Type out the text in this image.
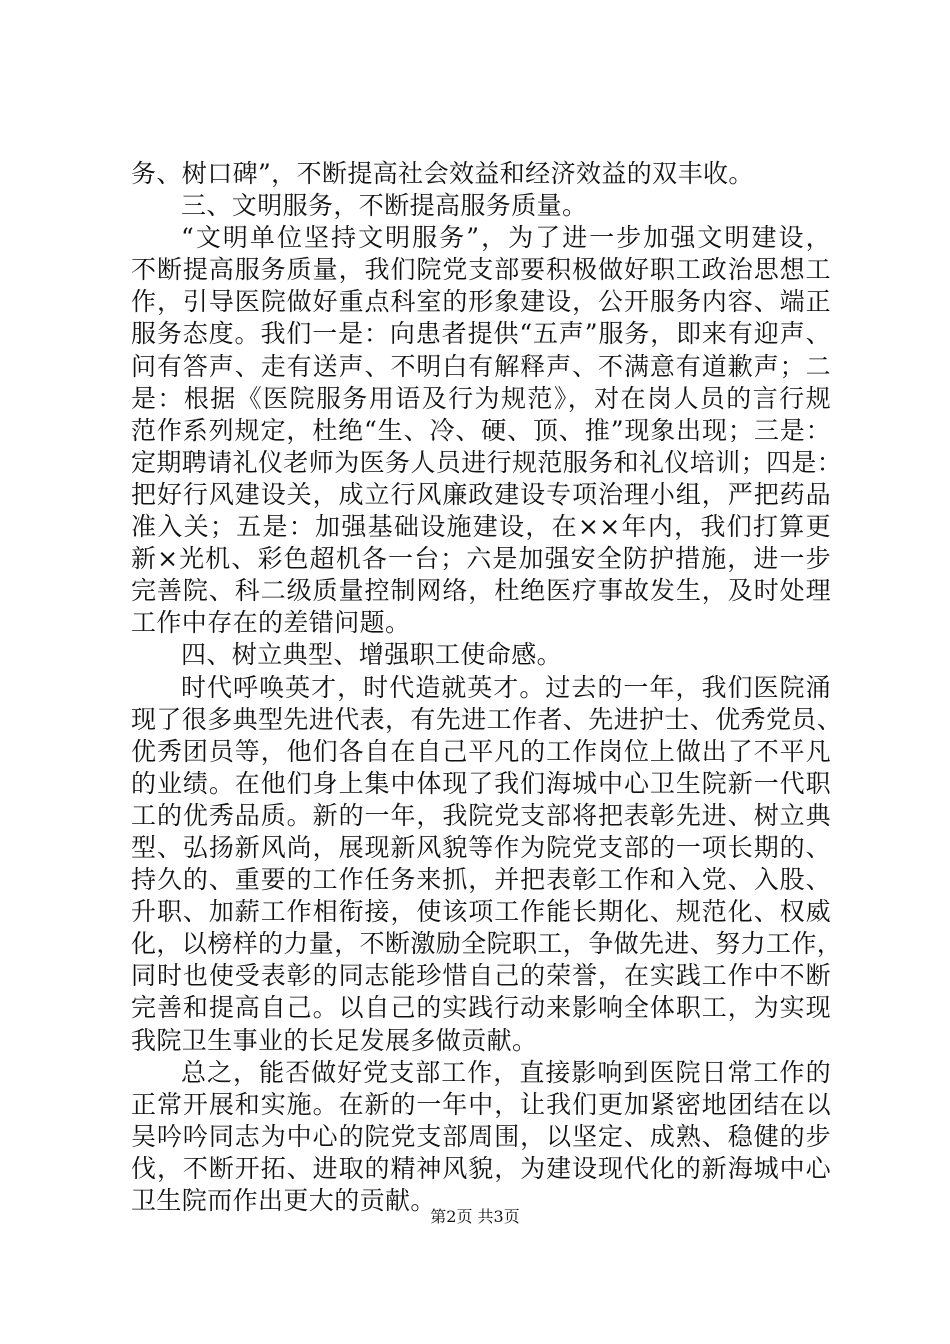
务、树口碑”，不断提高社会效益和经济效益的双丰收。
三、文明服务，不断提高服务质量。
“文明单位坚持文明服务”，为了进一步加强文明建设，
不断提高服务质量，我们院党支部要积极做好职工政治思想工
作，引导医院做好重点科室的形象建设，公开服务内容、端正
服务态度。我们一是：向患者提供“五声”服务，即来有迎声、
问有答声、走有送声、不明白有解释声、不满意有道歉声；二
是：根据《医院服务用语及行为规范》，对在岗人员的言行规
范作系列规定，杜绝“生、冷、硬、顶、推”现象出现；三是：
定期聘请礼仪老师为医务人员进行规范服务和礼仪培训；四是：
把好行风建设关，成立行风廉政建设专项治理小组，严把药品
准入关；五是：加强基础设施建设，在××年内，我们打算更
新×光机、彩色超机各一台；六是加强安全防护措施，进一步
完善院、科二级质量控制网络，杜绝医疗事故发生，及时处理
工作中存在的差错问题。
四、树立典型、增强职工使命感。
时代呼唤英才，时代造就英才。过去的一年，我们医院涌
现了很多典型先进代表，有先进工作者、先进护士、优秀党员、
优秀团员等，他们各自在自己平凡的工作岗位上做出了不平凡
的业绩。在他们身上集中体现了我们海城中心卫生院新一代职
工的优秀品质。新的一年，我院党支部将把表彰先进、树立典
型、弘扬新风尚，展现新风貌等作为院党支部的一项长期的、
持久的、重要的工作任务来抓，并把表彰工作和入党、入股、
升职、加薪工作相衔接，使该项工作能长期化、规范化、权威
化，以榜样的力量，不断激励全院职工，争做先进、努力工作，
同时也使受表彰的同志能珍惜自己的荣誉，在实践工作中不断
完善和提高自己。以自己的实践行动来影响全体职工，为实现
我院卫生事业的长足发展多做贡献。
总之，能否做好党支部工作，直接影响到医院日常工作的
正常开展和实施。在新的一年中，让我们更加紧密地团结在以
吴吟吟同志为中心的院党支部周围，以坚定、成熟、稳健的步
伐，不断开拓、进取的精神风貌，为建设现代化的新海城中心
卫生院而作出更大的贡献。
第2页 共3页
